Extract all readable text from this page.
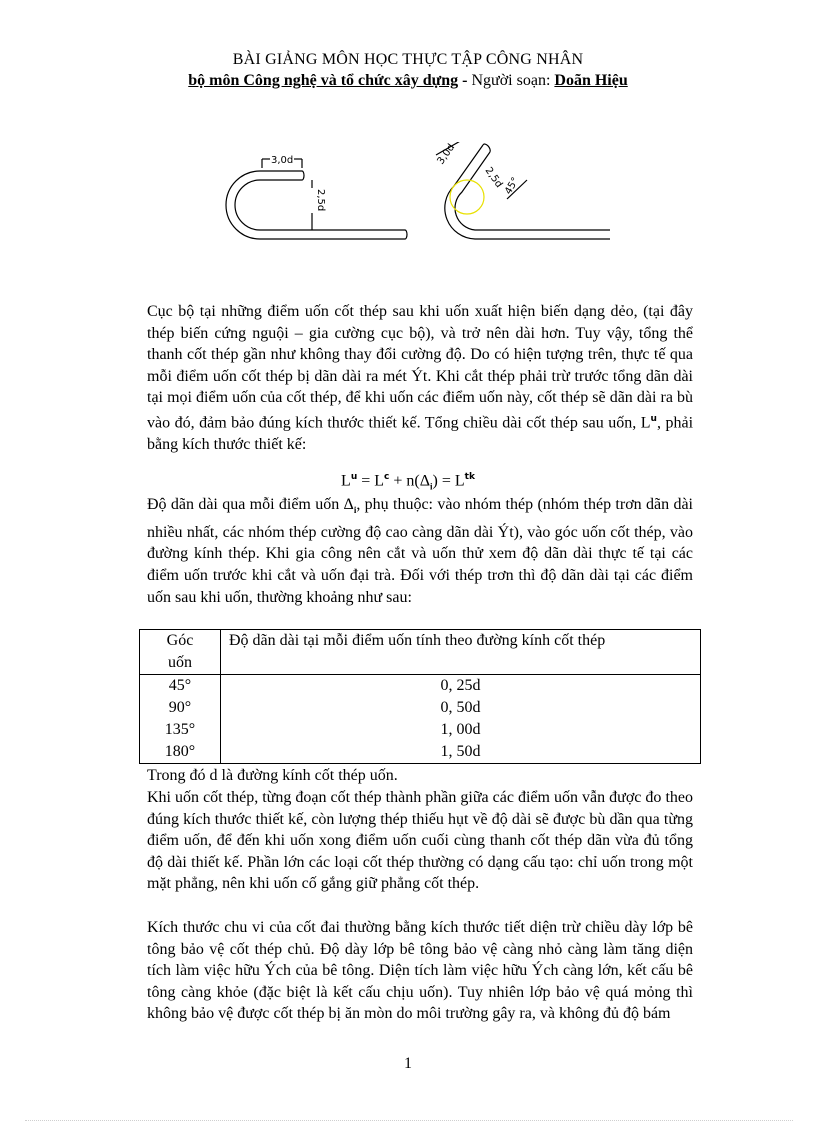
BÀI GIẢNG MÔN HỌC THỰC TẬP CÔNG NHÂN
bộ môn Công nghệ và tổ chức xây dựng - Người soạn: Doãn Hiệu
3,0d
2,5d
3,0d
2,5d
45°
Cục bộ tại những điểm uốn cốt thép sau khi uốn xuất hiện biến dạng dẻo, (tại đây thép biến cứng nguội – gia cường cục bộ), và trở nên dài hơn. Tuy vậy, tổng thể thanh cốt thép gần như không thay đổi cường độ. Do có hiện tượng trên, thực tế qua mỗi điểm uốn cốt thép bị dãn dài ra mét Ýt. Khi cắt thép phải trừ trước tổng dãn dài tại mọi điểm uốn của cốt thép, để khi uốn các điểm uốn này, cốt thép sẽ dãn dài ra bù vào đó, đảm bảo đúng kích thước thiết kế. Tổng chiều dài cốt thép sau uốn, $L^u$, phải bằng kích thước thiết kế:
$L^u = L^c + n(\Delta_i) = L^{tk}$
Độ dãn dài qua mỗi điểm uốn $\Delta_i$, phụ thuộc: vào nhóm thép (nhóm thép trơn dãn dài nhiều nhất, các nhóm thép cường độ cao càng dãn dài Ýt), vào góc uốn cốt thép, vào đường kính thép. Khi gia công nên cắt và uốn thử xem độ dãn dài thực tế tại các điểm uốn trước khi cắt và uốn đại trà. Đối với thép trơn thì độ dãn dài tại các điểm uốn sau khi uốn, thường khoảng như sau:
Góc
uốn	Độ dãn dài tại mỗi điểm uốn tính theo đường kính cốt thép
45°	0, 25d
90°	0, 50d
135°	1, 00d
180°	1, 50d
Trong đó d là đường kính cốt thép uốn.
Khi uốn cốt thép, từng đoạn cốt thép thành phần giữa các điểm uốn vẫn được đo theo đúng kích thước thiết kế, còn lượng thép thiếu hụt về độ dài sẽ được bù dần qua từng điểm uốn, để đến khi uốn xong điểm uốn cuối cùng thanh cốt thép dãn vừa đủ tổng độ dài thiết kế. Phần lớn các loại cốt thép thường có dạng cấu tạo: chỉ uốn trong một mặt phẳng, nên khi uốn cố gắng giữ phẳng cốt thép.
Kích thước chu vi của cốt đai thường bằng kích thước tiết diện trừ chiều dày lớp bê tông bảo vệ cốt thép chủ. Độ dày lớp bê tông bảo vệ càng nhỏ càng làm tăng diện tích làm việc hữu Ých của bê tông. Diện tích làm việc hữu Ých càng lớn, kết cấu bê tông càng khỏe (đặc biệt là kết cấu chịu uốn). Tuy nhiên lớp bảo vệ quá mỏng thì không bảo vệ được cốt thép bị ăn mòn do môi trường gây ra, và không đủ độ bám
1
